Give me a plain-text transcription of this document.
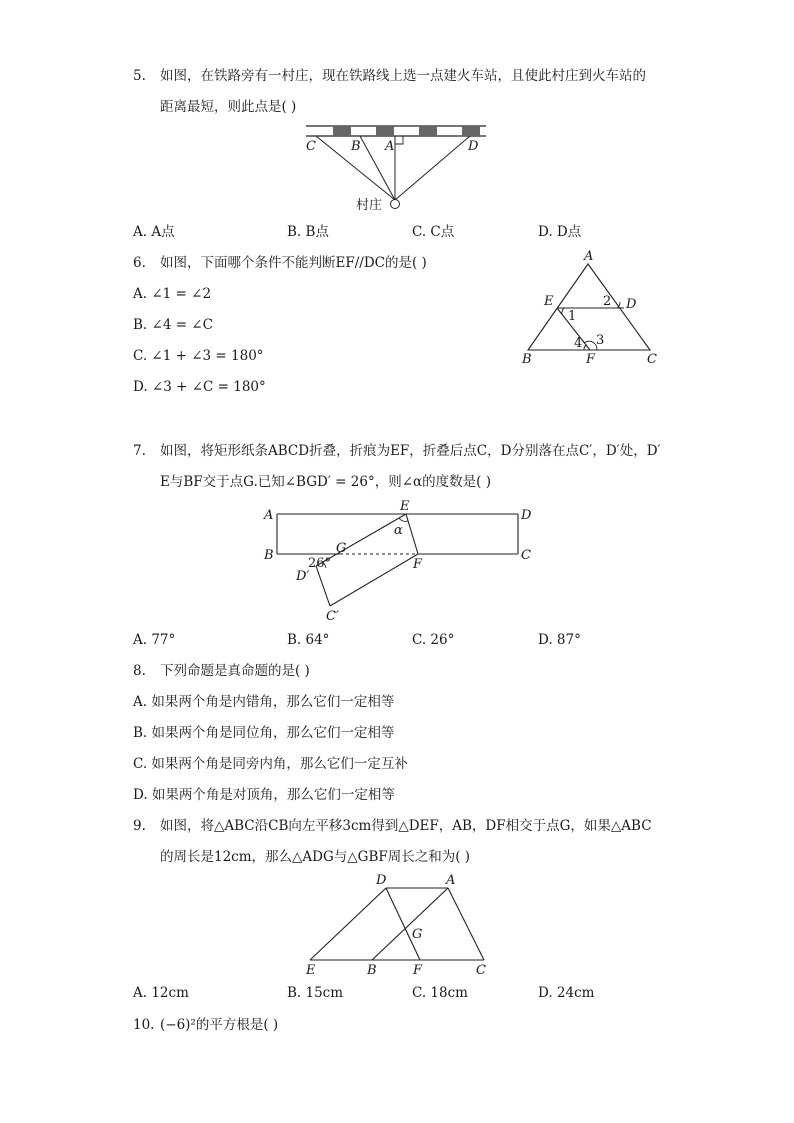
5. 如图，在铁路旁有一村庄，现在铁路线上选一点建火车站，且使此村庄到火车站的
距离最短，则此点是( )
C	B A	D
村庄
A. A点	B. B点	C. C点	D. D点
6. 如图，下面哪个条件不能判断EF//DC的是( )
A. ∠1 = ∠2
B. ∠4 = ∠C
C. ∠1 + ∠3 = 180°
D. ∠3 + ∠C = 180°
A
E	D
B	F	C
1
2
3
4
7. 如图，将矩形纸条ABCD折叠，折痕为EF，折叠后点C，D分别落在点C′，D′处，D′
E与BF交于点G.已知∠BGD′ = 26°，则∠α的度数是( )
A	D
B	C
E
α
G
26°	F
D′
C′
A. 77°	B. 64°	C. 26°	D. 87°
8. 下列命题是真命题的是( )
A. 如果两个角是内错角，那么它们一定相等
B. 如果两个角是同位角，那么它们一定相等
C. 如果两个角是同旁内角，那么它们一定互补
D. 如果两个角是对顶角，那么它们一定相等
9. 如图，将△ABC沿CB向左平移3cm得到△DEF，AB，DF相交于点G，如果△ABC
的周长是12cm，那么△ADG与△GBF周长之和为( )
D	A
G
E	B	F	C
A. 12cm	B. 15cm	C. 18cm	D. 24cm
10. (−6)²的平方根是( )
